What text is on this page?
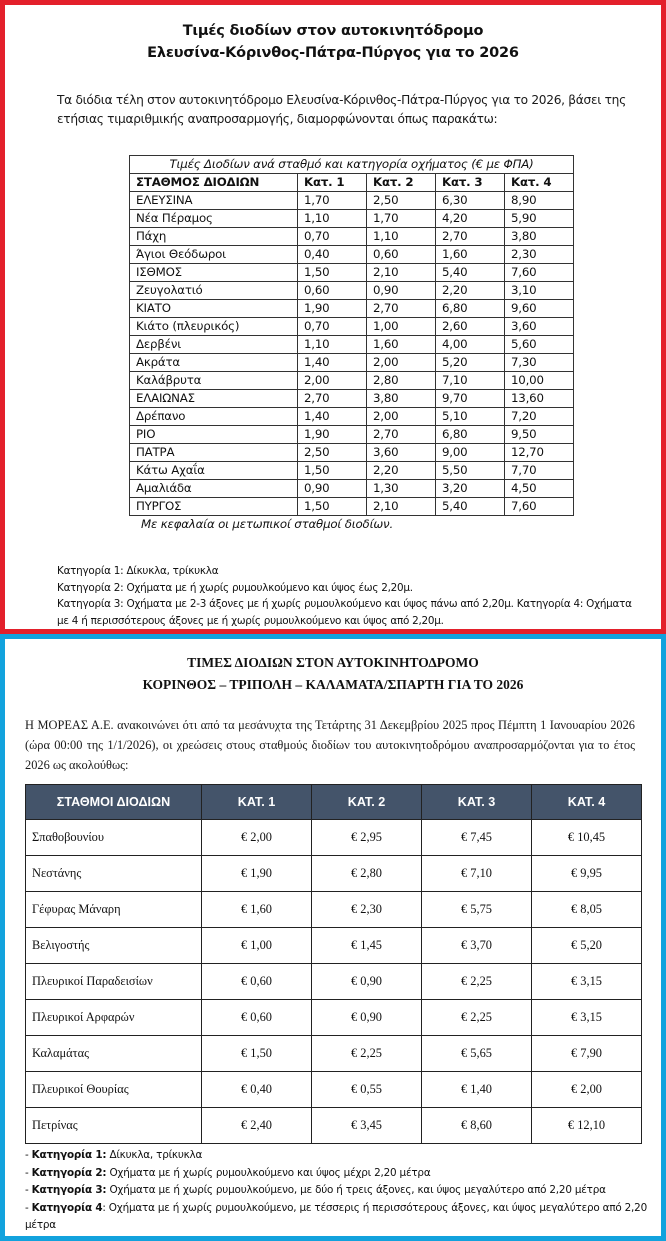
Τιμές διοδίων στον αυτοκινητόδρομο
Ελευσίνα-Κόρινθος-Πάτρα-Πύργος για το 2026
Τα διόδια τέλη στον αυτοκινητόδρομο Ελευσίνα-Κόρινθος-Πάτρα-Πύργος για το 2026, βάσει της ετήσιας τιμαριθμικής αναπροσαρμογής, διαμορφώνονται όπως παρακάτω:
Τιμές Διοδίων ανά σταθμό και κατηγορία οχήματος (€ με ΦΠΑ)				
ΣΤΑΘΜΟΣ ΔΙΟΔΙΩΝ	Κατ. 1	Κατ. 2	Κατ. 3	Κατ. 4
ΕΛΕΥΣΙΝΑ	1,70	2,50	6,30	8,90
Νέα Πέραμος	1,10	1,70	4,20	5,90
Πάχη	0,70	1,10	2,70	3,80
Άγιοι Θεόδωροι	0,40	0,60	1,60	2,30
ΙΣΘΜΟΣ	1,50	2,10	5,40	7,60
Ζευγολατιό	0,60	0,90	2,20	3,10
ΚΙΑΤΟ	1,90	2,70	6,80	9,60
Κιάτο (πλευρικός)	0,70	1,00	2,60	3,60
Δερβένι	1,10	1,60	4,00	5,60
Ακράτα	1,40	2,00	5,20	7,30
Καλάβρυτα	2,00	2,80	7,10	10,00
ΕΛΑΙΩΝΑΣ	2,70	3,80	9,70	13,60
Δρέπανο	1,40	2,00	5,10	7,20
ΡΙΟ	1,90	2,70	6,80	9,50
ΠΑΤΡΑ	2,50	3,60	9,00	12,70
Κάτω Αχαΐα	1,50	2,20	5,50	7,70
Αμαλιάδα	0,90	1,30	3,20	4,50
ΠΥΡΓΟΣ	1,50	2,10	5,40	7,60
Με κεφαλαία οι μετωπικοί σταθμοί διοδίων.
Κατηγορία 1: Δίκυκλα, τρίκυκλα
Κατηγορία 2: Οχήματα με ή χωρίς ρυμουλκούμενο και ύψος έως 2,20μ.
Κατηγορία 3: Οχήματα με 2-3 άξονες με ή χωρίς ρυμουλκούμενο και ύψος πάνω από 2,20μ. Κατηγορία 4: Οχήματα με 4 ή περισσότερους άξονες με ή χωρίς ρυμουλκούμενο και ύψος από 2,20μ.
ΤΙΜΕΣ ΔΙΟΔΙΩΝ ΣΤΟΝ ΑΥΤΟΚΙΝΗΤΟΔΡΟΜΟ
ΚΟΡΙΝΘΟΣ – ΤΡΙΠΟΛΗ – ΚΑΛΑΜΑΤΑ/ΣΠΑΡΤΗ ΓΙΑ ΤΟ 2026
Η ΜΟΡΕΑΣ Α.Ε. ανακοινώνει ότι από τα μεσάνυχτα της Τετάρτης 31 Δεκεμβρίου 2025 προς Πέμπτη 1 Ιανουαρίου 2026 (ώρα 00:00 της 1/1/2026), οι χρεώσεις στους σταθμούς διοδίων του αυτοκινητοδρόμου αναπροσαρμόζονται για το έτος 2026 ως ακολούθως:
ΣΤΑΘΜΟΙ ΔΙΟΔΙΩΝ	ΚΑΤ. 1	ΚΑΤ. 2	ΚΑΤ. 3	ΚΑΤ. 4
Σπαθοβουνίου	€ 2,00	€ 2,95	€ 7,45	€ 10,45
Νεστάνης	€ 1,90	€ 2,80	€ 7,10	€ 9,95
Γέφυρας Μάναρη	€ 1,60	€ 2,30	€ 5,75	€ 8,05
Βελιγοστής	€ 1,00	€ 1,45	€ 3,70	€ 5,20
Πλευρικοί Παραδεισίων	€ 0,60	€ 0,90	€ 2,25	€ 3,15
Πλευρικοί Αρφαρών	€ 0,60	€ 0,90	€ 2,25	€ 3,15
Καλαμάτας	€ 1,50	€ 2,25	€ 5,65	€ 7,90
Πλευρικοί Θουρίας	€ 0,40	€ 0,55	€ 1,40	€ 2,00
Πετρίνας	€ 2,40	€ 3,45	€ 8,60	€ 12,10
- Κατηγορία 1: Δίκυκλα, τρίκυκλα
- Κατηγορία 2: Οχήματα με ή χωρίς ρυμουλκούμενο και ύψος μέχρι 2,20 μέτρα
- Κατηγορία 3: Οχήματα με ή χωρίς ρυμουλκούμενο, με δύο ή τρεις άξονες, και ύψος μεγαλύτερο από 2,20 μέτρα
- Κατηγορία 4: Οχήματα με ή χωρίς ρυμουλκούμενο, με τέσσερις ή περισσότερους άξονες, και ύψος μεγαλύτερο από 2,20 μέτρα
